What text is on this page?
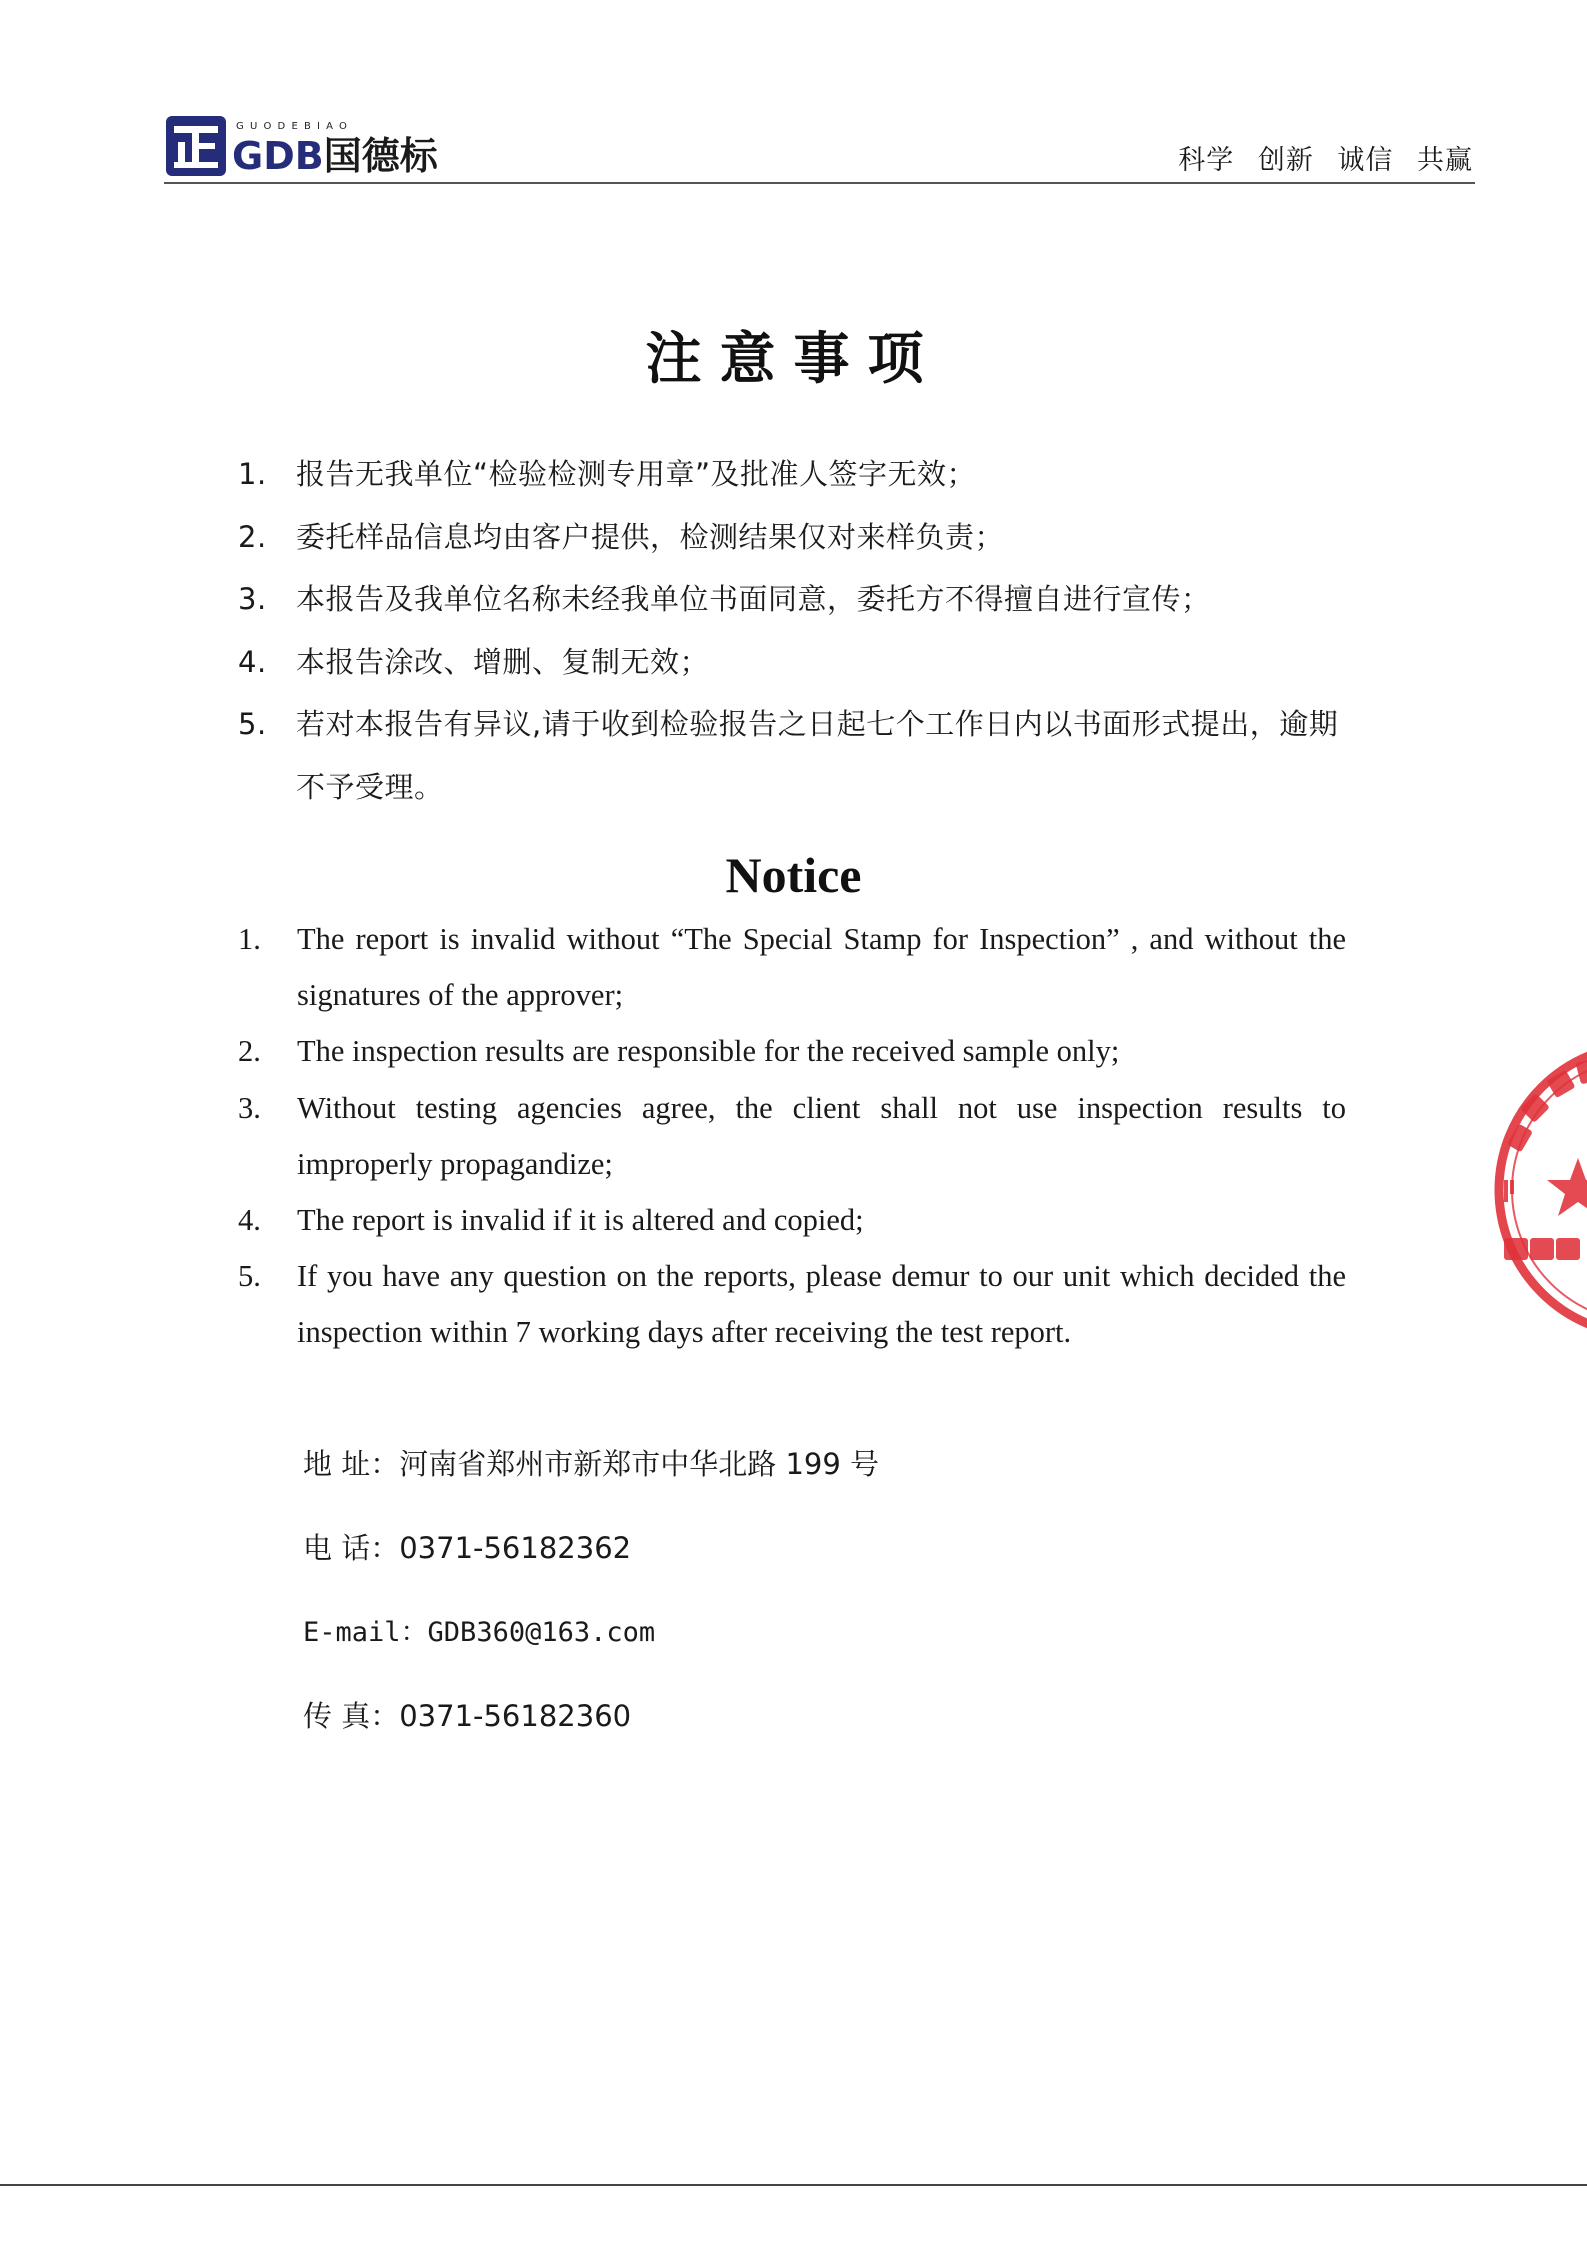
GUODEBIAO
GDB国德标	科学 创新 诚信 共赢
注意事项
1. 报告无我单位“检验检测专用章”及批准人签字无效；
2. 委托样品信息均由客户提供，检测结果仅对来样负责；
3. 本报告及我单位名称未经我单位书面同意，委托方不得擅自进行宣传；
4. 本报告涂改、增删、复制无效；
5. 若对本报告有异议,请于收到检验报告之日起七个工作日内以书面形式提出，逾期不予受理。
Notice
1. The report is invalid without “The Special Stamp for Inspection” , and without the signatures of the approver;
2. The inspection results are responsible for the received sample only;
3. Without testing agencies agree, the client shall not use inspection results to improperly propagandize;
4. The report is invalid if it is altered and copied;
5. If you have any question on the reports, please demur to our unit which decided the inspection within 7 working days after receiving the test report.
地 址：河南省郑州市新郑市中华北路 199 号
电 话：0371-56182362
E-mail：GDB360@163.com
传 真：0371-56182360
